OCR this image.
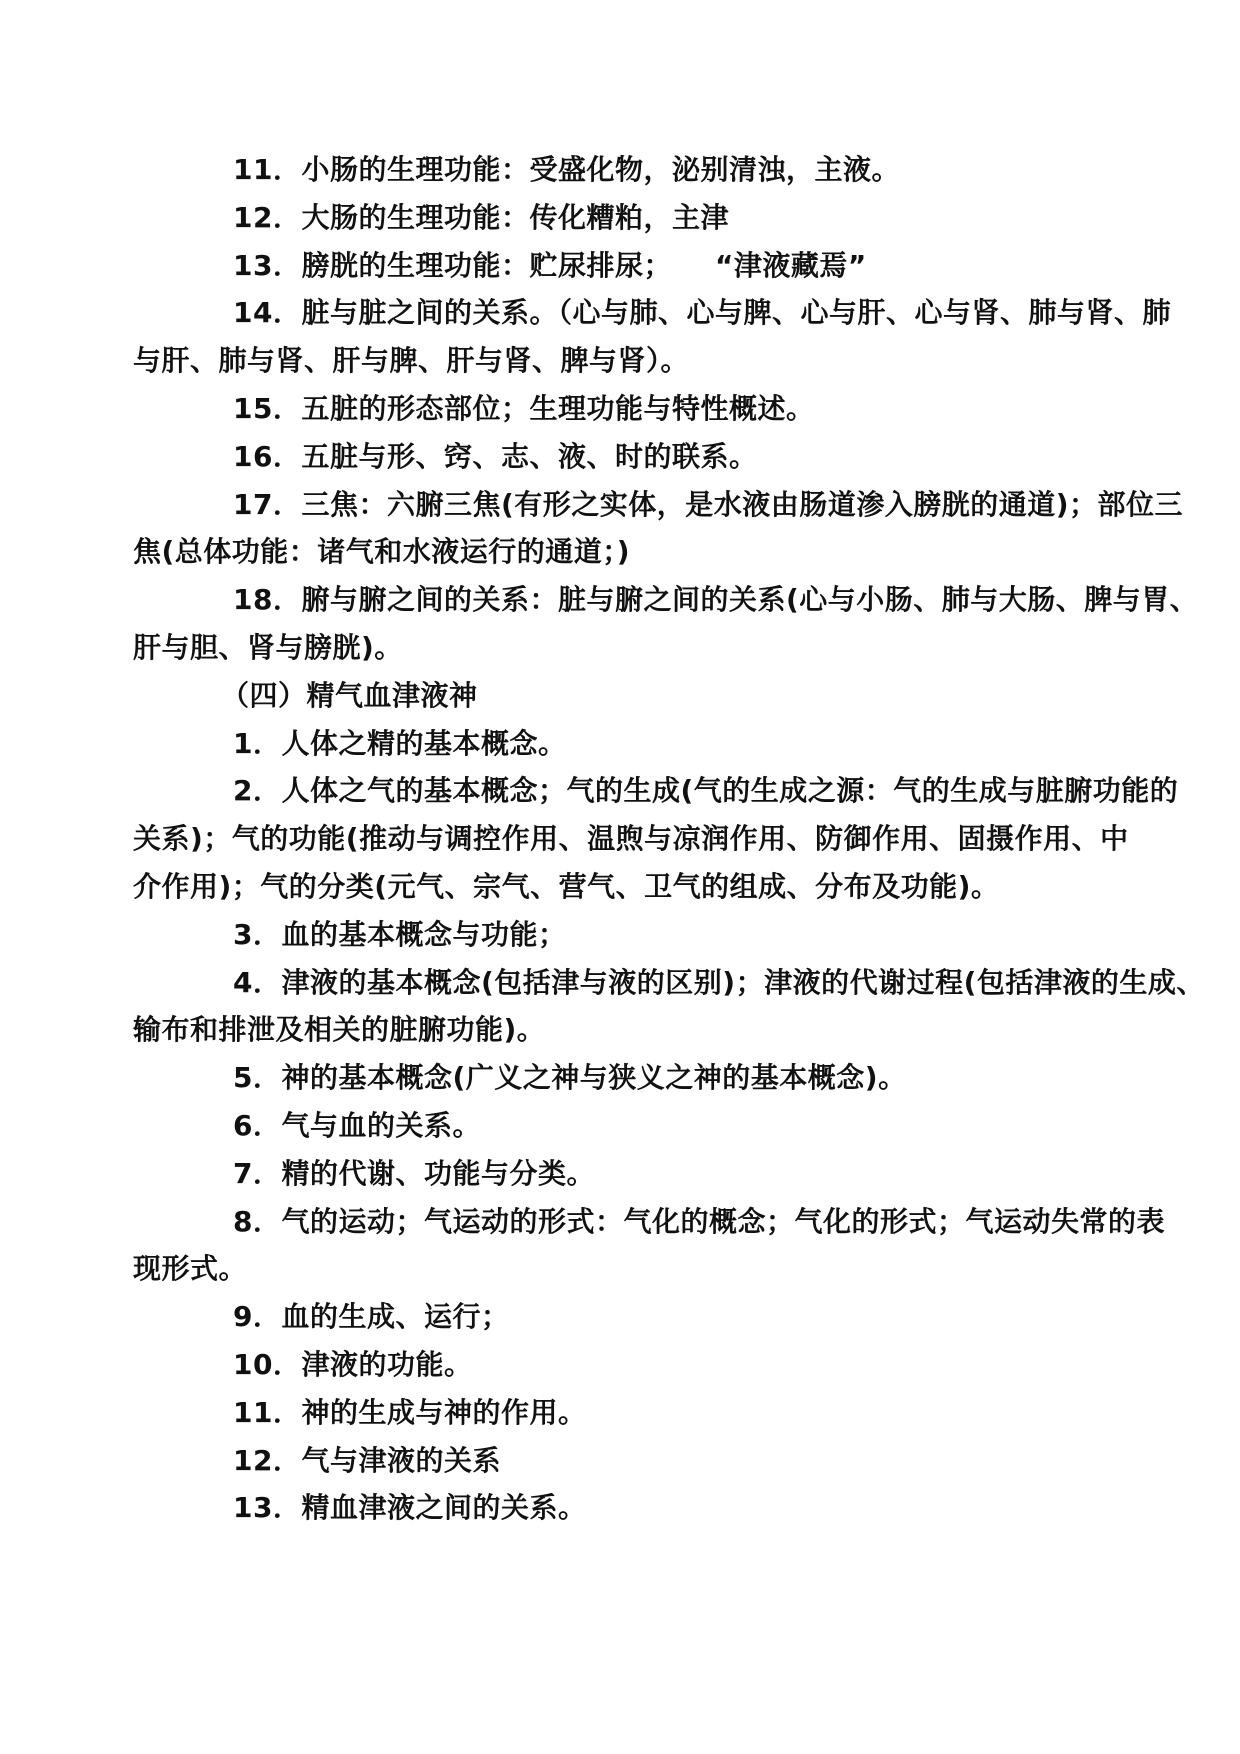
11．小肠的生理功能：受盛化物，泌别清浊，主液。
12．大肠的生理功能：传化糟粕，主津
13．膀胱的生理功能：贮尿排尿；　　“津液藏焉”
14．脏与脏之间的关系。（心与肺、心与脾、心与肝、心与肾、肺与肾、肺
与肝、肺与肾、肝与脾、肝与肾、脾与肾）。
15．五脏的形态部位；生理功能与特性概述。
16．五脏与形、窍、志、液、时的联系。
17．三焦：六腑三焦(有形之实体，是水液由肠道渗入膀胱的通道)；部位三
焦(总体功能：诸气和水液运行的通道；)
18．腑与腑之间的关系：脏与腑之间的关系(心与小肠、肺与大肠、脾与胃、
肝与胆、肾与膀胱)。
（四）精气血津液神
1．人体之精的基本概念。
2．人体之气的基本概念；气的生成(气的生成之源：气的生成与脏腑功能的
关系)；气的功能(推动与调控作用、温煦与凉润作用、防御作用、固摄作用、中
介作用)；气的分类(元气、宗气、营气、卫气的组成、分布及功能)。
3．血的基本概念与功能；
4．津液的基本概念(包括津与液的区别)；津液的代谢过程(包括津液的生成、
输布和排泄及相关的脏腑功能)。
5．神的基本概念(广义之神与狭义之神的基本概念)。
6．气与血的关系。
7．精的代谢、功能与分类。
8．气的运动；气运动的形式：气化的概念；气化的形式；气运动失常的表
现形式。
9．血的生成、运行；
10．津液的功能。
11．神的生成与神的作用。
12．气与津液的关系
13．精血津液之间的关系。
